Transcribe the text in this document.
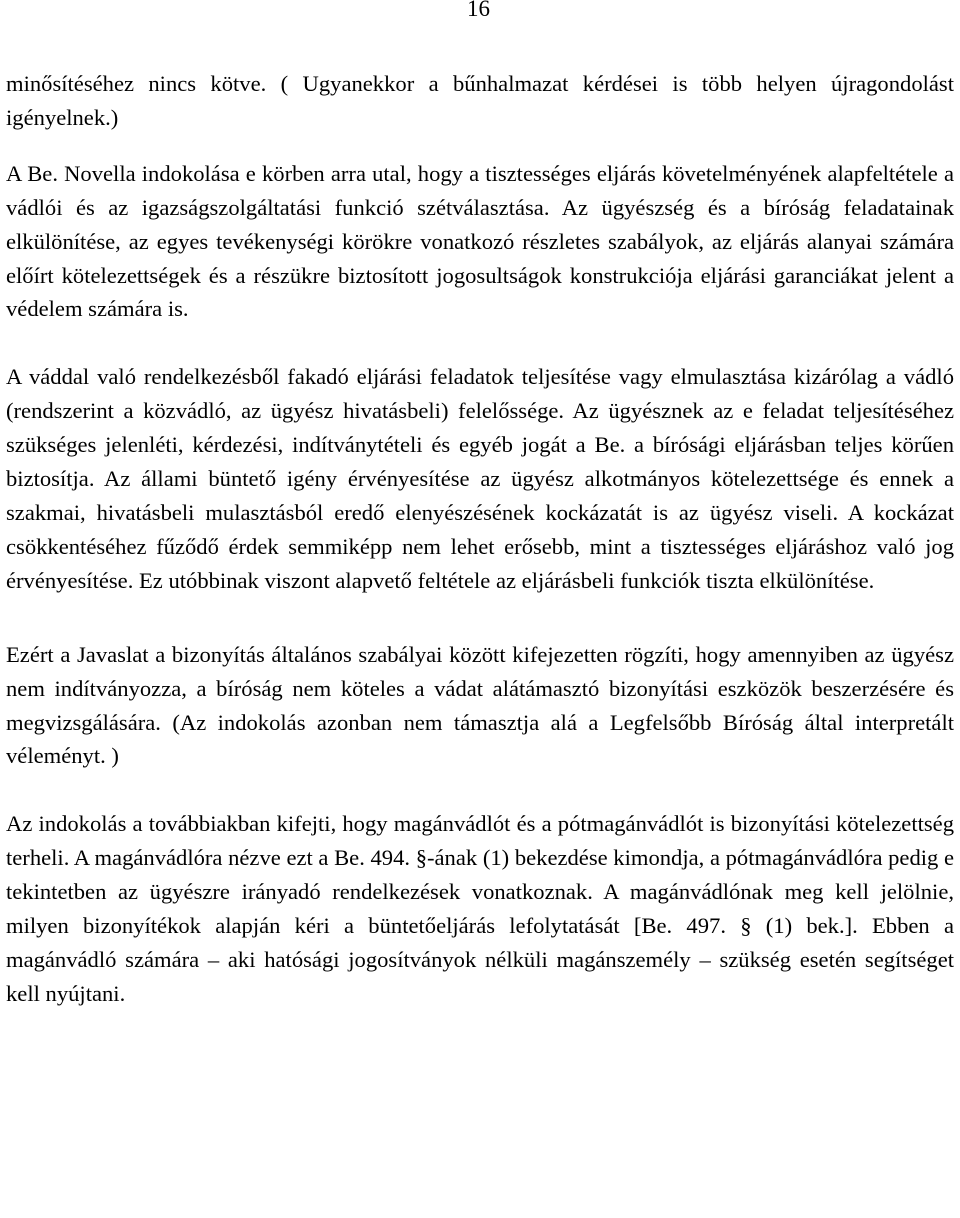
16

minősítéséhez nincs kötve. ( Ugyanekkor a bűnhalmazat kérdései is több helyen újragondolást igényelnek.)

A Be. Novella indokolása e körben arra utal, hogy a tisztességes eljárás követelményének alapfeltétele a vádlói és az igazságszolgáltatási funkció szétválasztása. Az ügyészség és a bíróság feladatainak elkülönítése, az egyes tevékenységi körökre vonatkozó részletes szabályok, az eljárás alanyai számára előírt kötelezettségek és a részükre biztosított jogosultságok konstrukciója eljárási garanciákat jelent a védelem számára is.

A váddal való rendelkezésből fakadó eljárási feladatok teljesítése vagy elmulasztása kizárólag a vádló (rendszerint a közvádló, az ügyész hivatásbeli) felelőssége. Az ügyésznek az e feladat teljesítéséhez szükséges jelenléti, kérdezési, indítványtételi és egyéb jogát a Be. a bírósági eljárásban teljes körűen biztosítja. Az állami büntető igény érvényesítése az ügyész alkotmányos kötelezettsége és ennek a szakmai, hivatásbeli mulasztásból eredő elenyészésének kockázatát is az ügyész viseli. A kockázat csökkentéséhez fűződő érdek semmiképp nem lehet erősebb, mint a tisztességes eljáráshoz való jog érvényesítése. Ez utóbbinak viszont alapvető feltétele az eljárásbeli funkciók tiszta elkülönítése.

Ezért a Javaslat a bizonyítás általános szabályai között kifejezetten rögzíti, hogy amennyiben az ügyész nem indítványozza, a bíróság nem köteles a vádat alátámasztó bizonyítási eszközök beszerzésére és megvizsgálására. (Az indokolás azonban nem támasztja alá a Legfelsőbb Bíróság által interpretált véleményt. )

Az indokolás a továbbiakban kifejti, hogy magánvádlót és a pótmagánvádlót is bizonyítási kötelezettség terheli. A magánvádlóra nézve ezt a Be. 494. §-ának (1) bekezdése kimondja, a pótmagánvádlóra pedig e tekintetben az ügyészre irányadó rendelkezések vonatkoznak. A magánvádlónak meg kell jelölnie, milyen bizonyítékok alapján kéri a büntetőeljárás lefolytatását [Be. 497. § (1) bek.]. Ebben a magánvádló számára – aki hatósági jogosítványok nélküli magánszemély – szükség esetén segítséget kell nyújtani.
